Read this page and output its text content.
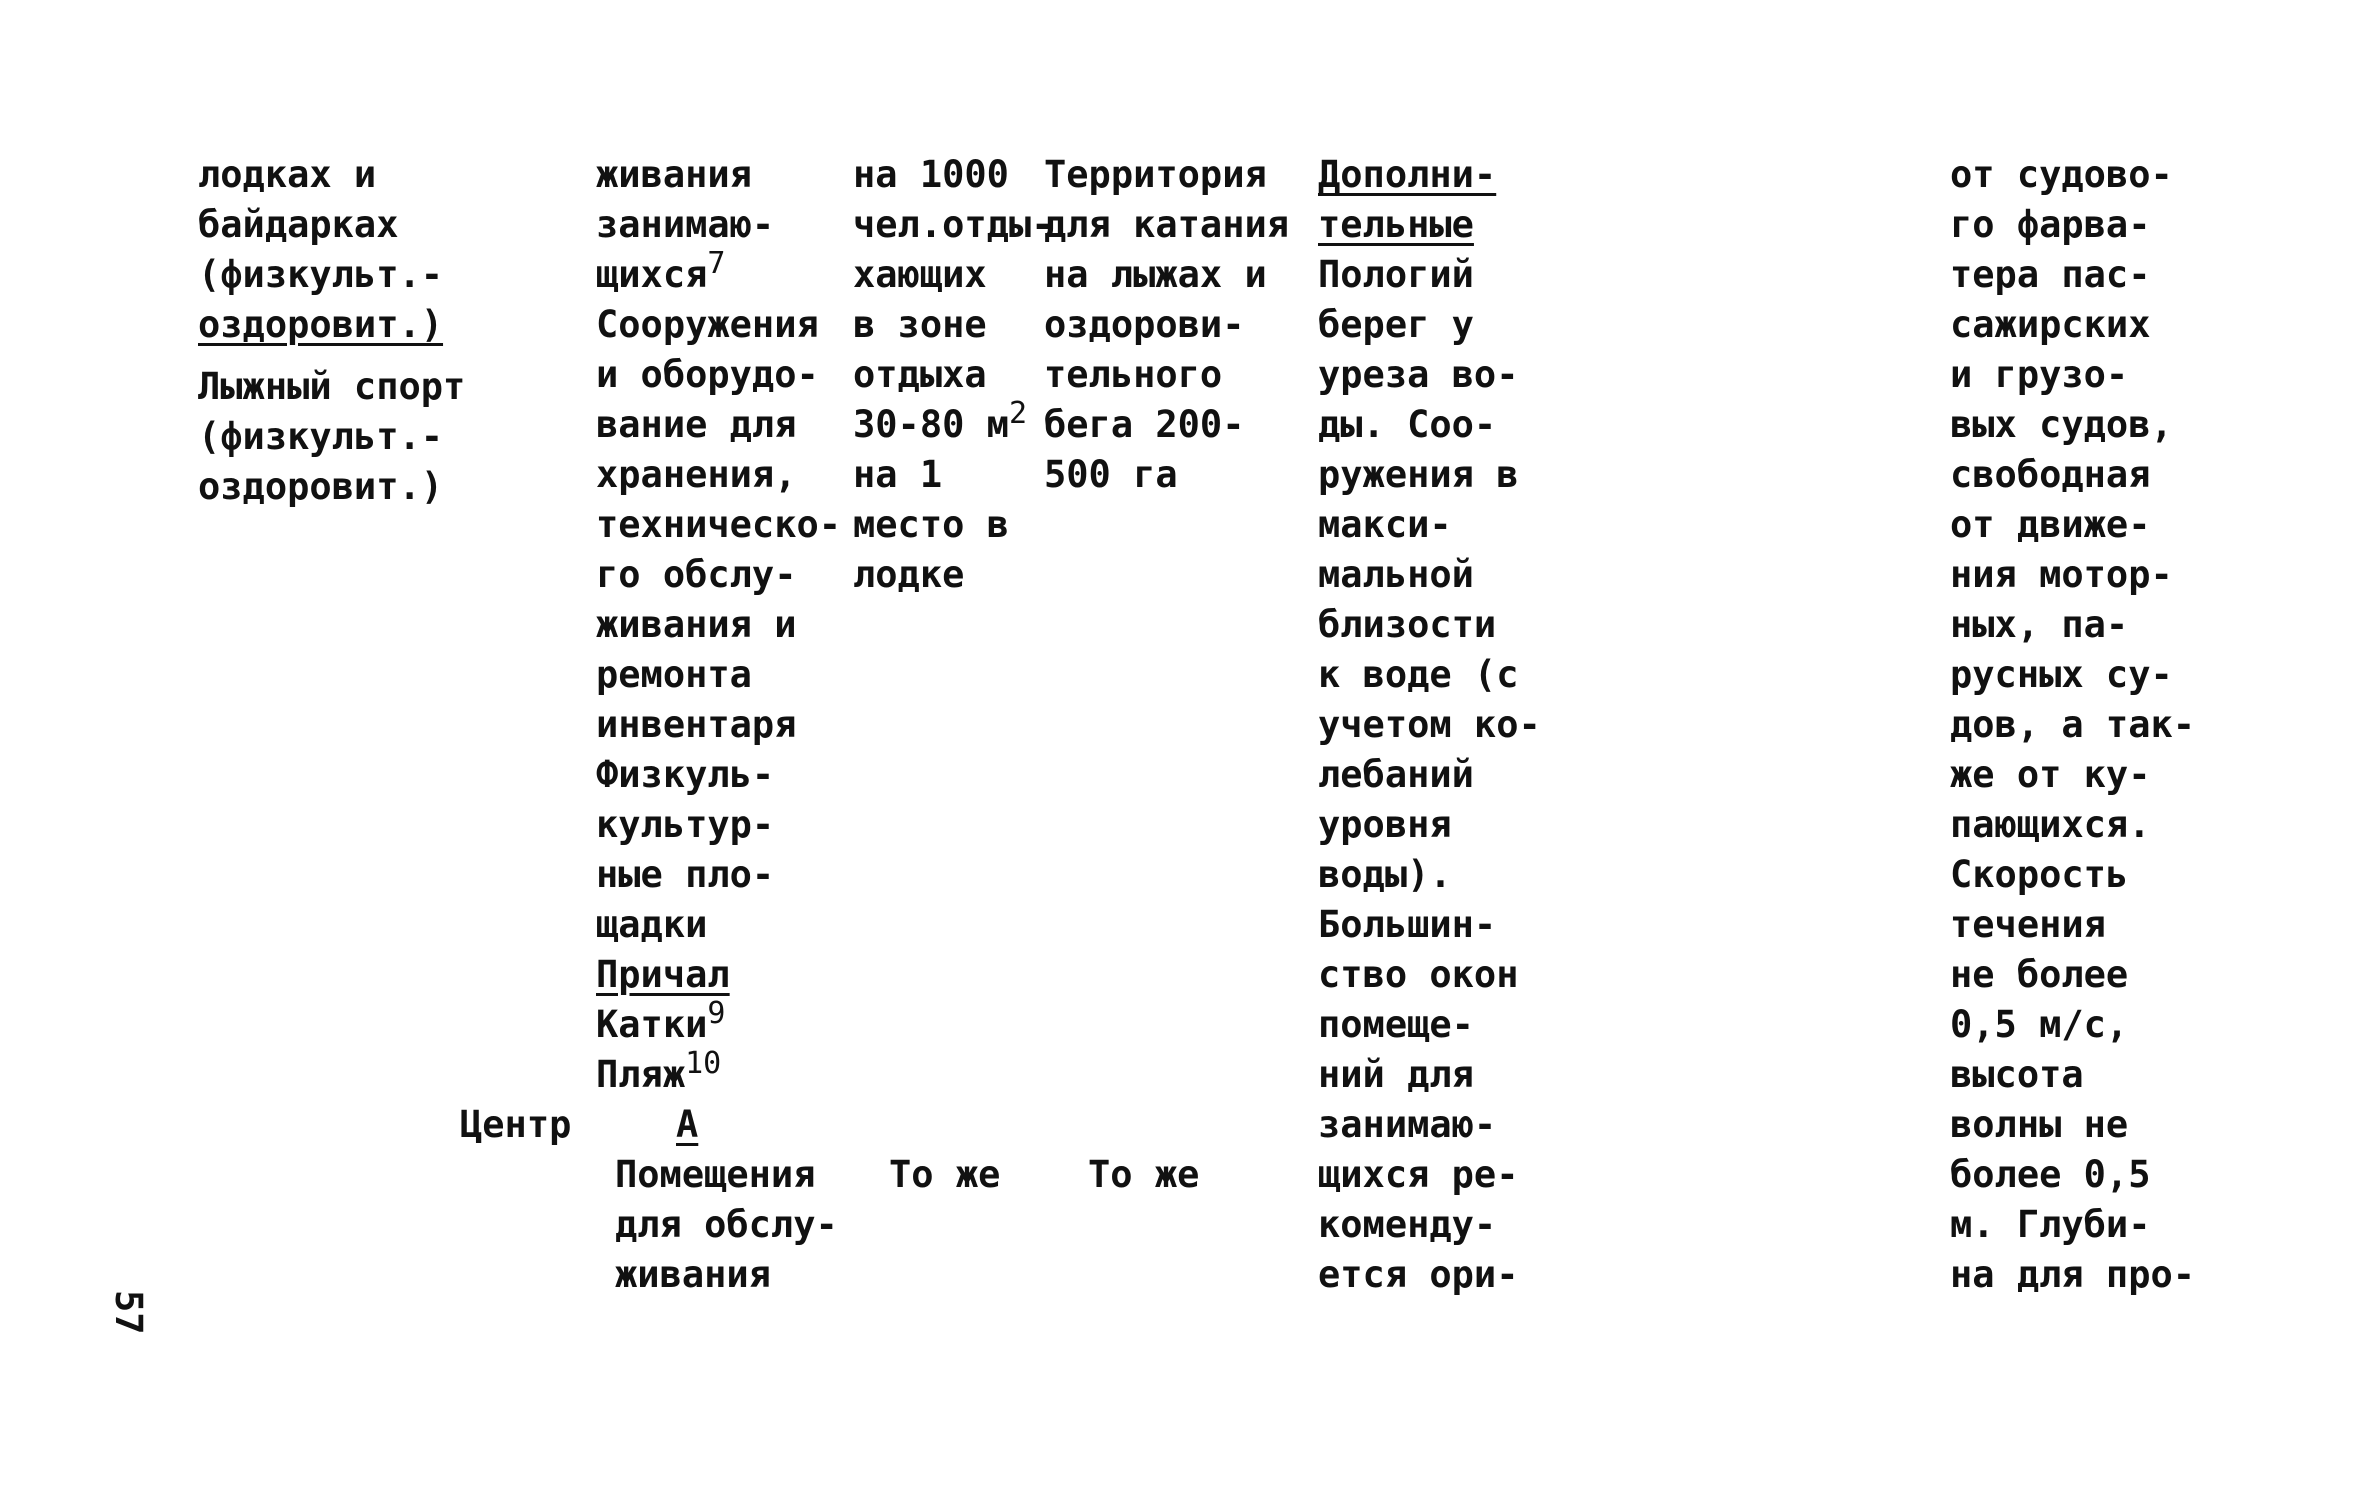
лодках и
байдарках
(физкульт.-
оздоровит.)
Лыжный спорт
(физкульт.-
оздоровит.)
живания
занимаю-
щихся$^7$
Сооружения
и оборудо-
вание для
хранения,
техническо-
го обслу-
живания и
ремонта
инвентаря
Физкуль-
культур-
ные пло-
щадки
Причал
Катки$^9$
Пляж$^{10}$
Центр	А
Помещения
для обслу-
живания
на 1000
чел.отды-
хающих
в зоне
отдыха
30-80 $м^2$
на 1
место в
лодке
То же
Территория
для катания
на лыжах и
оздорови-
тельного
бега 200-
500 га
То же
Дополни-
тельные
Пологий
берег у
уреза во-
ды. Соо-
ружения в
макси-
мальной
близости
к воде (с
учетом ко-
лебаний
уровня
воды).
Большин-
ство окон
помеще-
ний для
занимаю-
щихся ре-
коменду-
ется ори-
от судово-
го фарва-
тера пас-
сажирских
и грузо-
вых судов,
свободная
от движе-
ния мотор-
ных, па-
русных су-
дов, а так-
же от ку-
пающихся.
Скорость
течения
не более
0,5 м/с,
высота
волны не
более 0,5
м. Глуби-
на для про-
57
